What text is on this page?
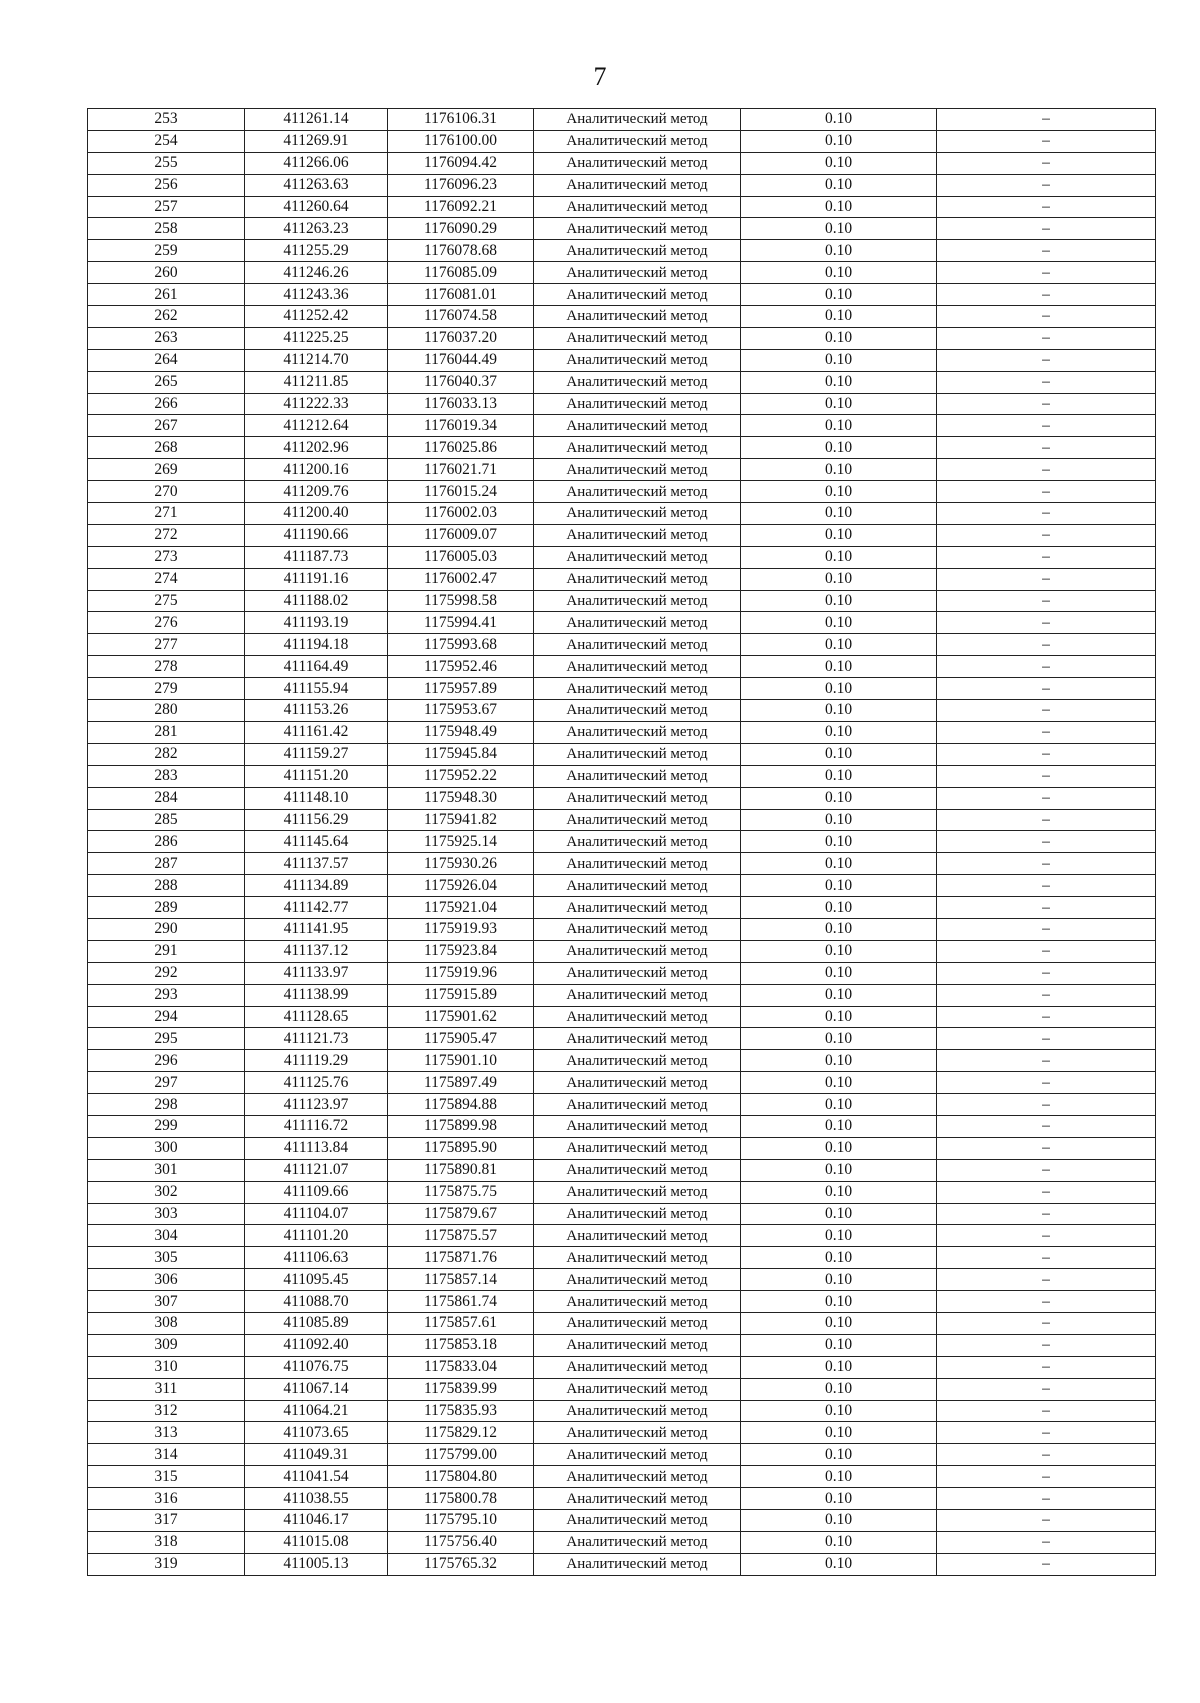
7
253	411261.14	1176106.31	Аналитический метод	0.10	–
254	411269.91	1176100.00	Аналитический метод	0.10	–
255	411266.06	1176094.42	Аналитический метод	0.10	–
256	411263.63	1176096.23	Аналитический метод	0.10	–
257	411260.64	1176092.21	Аналитический метод	0.10	–
258	411263.23	1176090.29	Аналитический метод	0.10	–
259	411255.29	1176078.68	Аналитический метод	0.10	–
260	411246.26	1176085.09	Аналитический метод	0.10	–
261	411243.36	1176081.01	Аналитический метод	0.10	–
262	411252.42	1176074.58	Аналитический метод	0.10	–
263	411225.25	1176037.20	Аналитический метод	0.10	–
264	411214.70	1176044.49	Аналитический метод	0.10	–
265	411211.85	1176040.37	Аналитический метод	0.10	–
266	411222.33	1176033.13	Аналитический метод	0.10	–
267	411212.64	1176019.34	Аналитический метод	0.10	–
268	411202.96	1176025.86	Аналитический метод	0.10	–
269	411200.16	1176021.71	Аналитический метод	0.10	–
270	411209.76	1176015.24	Аналитический метод	0.10	–
271	411200.40	1176002.03	Аналитический метод	0.10	–
272	411190.66	1176009.07	Аналитический метод	0.10	–
273	411187.73	1176005.03	Аналитический метод	0.10	–
274	411191.16	1176002.47	Аналитический метод	0.10	–
275	411188.02	1175998.58	Аналитический метод	0.10	–
276	411193.19	1175994.41	Аналитический метод	0.10	–
277	411194.18	1175993.68	Аналитический метод	0.10	–
278	411164.49	1175952.46	Аналитический метод	0.10	–
279	411155.94	1175957.89	Аналитический метод	0.10	–
280	411153.26	1175953.67	Аналитический метод	0.10	–
281	411161.42	1175948.49	Аналитический метод	0.10	–
282	411159.27	1175945.84	Аналитический метод	0.10	–
283	411151.20	1175952.22	Аналитический метод	0.10	–
284	411148.10	1175948.30	Аналитический метод	0.10	–
285	411156.29	1175941.82	Аналитический метод	0.10	–
286	411145.64	1175925.14	Аналитический метод	0.10	–
287	411137.57	1175930.26	Аналитический метод	0.10	–
288	411134.89	1175926.04	Аналитический метод	0.10	–
289	411142.77	1175921.04	Аналитический метод	0.10	–
290	411141.95	1175919.93	Аналитический метод	0.10	–
291	411137.12	1175923.84	Аналитический метод	0.10	–
292	411133.97	1175919.96	Аналитический метод	0.10	–
293	411138.99	1175915.89	Аналитический метод	0.10	–
294	411128.65	1175901.62	Аналитический метод	0.10	–
295	411121.73	1175905.47	Аналитический метод	0.10	–
296	411119.29	1175901.10	Аналитический метод	0.10	–
297	411125.76	1175897.49	Аналитический метод	0.10	–
298	411123.97	1175894.88	Аналитический метод	0.10	–
299	411116.72	1175899.98	Аналитический метод	0.10	–
300	411113.84	1175895.90	Аналитический метод	0.10	–
301	411121.07	1175890.81	Аналитический метод	0.10	–
302	411109.66	1175875.75	Аналитический метод	0.10	–
303	411104.07	1175879.67	Аналитический метод	0.10	–
304	411101.20	1175875.57	Аналитический метод	0.10	–
305	411106.63	1175871.76	Аналитический метод	0.10	–
306	411095.45	1175857.14	Аналитический метод	0.10	–
307	411088.70	1175861.74	Аналитический метод	0.10	–
308	411085.89	1175857.61	Аналитический метод	0.10	–
309	411092.40	1175853.18	Аналитический метод	0.10	–
310	411076.75	1175833.04	Аналитический метод	0.10	–
311	411067.14	1175839.99	Аналитический метод	0.10	–
312	411064.21	1175835.93	Аналитический метод	0.10	–
313	411073.65	1175829.12	Аналитический метод	0.10	–
314	411049.31	1175799.00	Аналитический метод	0.10	–
315	411041.54	1175804.80	Аналитический метод	0.10	–
316	411038.55	1175800.78	Аналитический метод	0.10	–
317	411046.17	1175795.10	Аналитический метод	0.10	–
318	411015.08	1175756.40	Аналитический метод	0.10	–
319	411005.13	1175765.32	Аналитический метод	0.10	–
